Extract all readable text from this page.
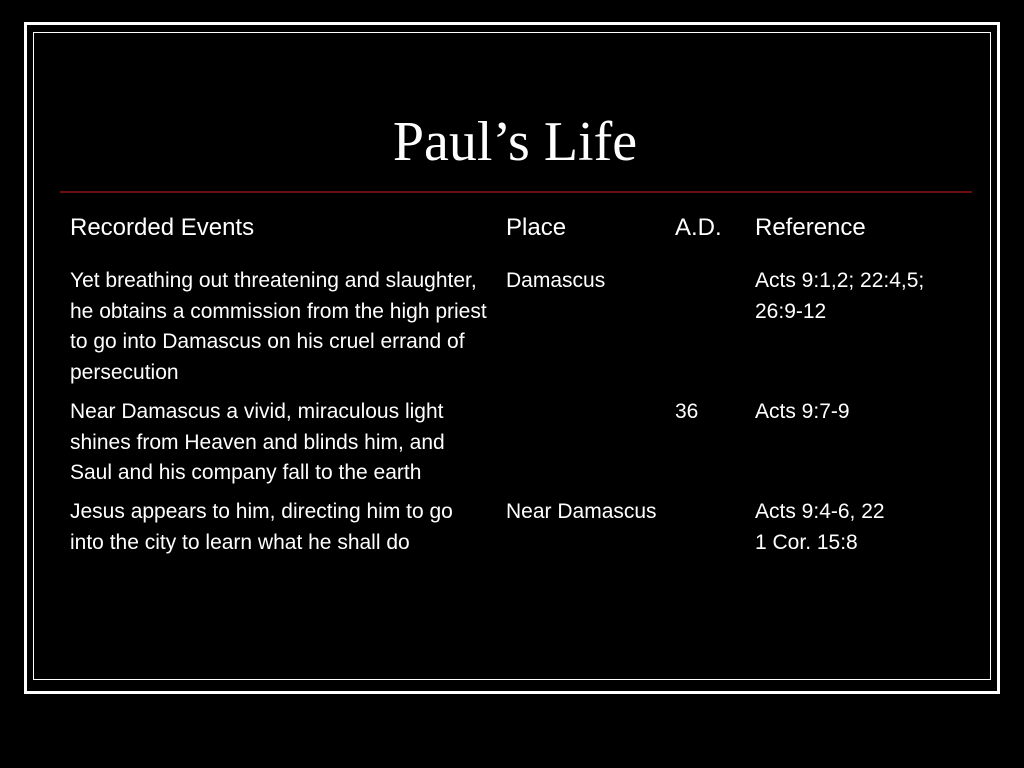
Paul’s Life
Recorded Events	Place	A.D.	Reference
Yet breathing out threatening and slaughter, he obtains a commission from the high priest to go into Damascus on his cruel errand of persecution	Damascus		Acts 9:1,2; 22:4,5;
26:9-12

Near Damascus a vivid, miraculous light shines from Heaven and blinds him, and Saul and his company fall to the earth		36	Acts 9:7-9

Jesus appears to him, directing him to go into the city to learn what he shall do	Near Damascus		Acts 9:4-6, 22
1 Cor. 15:8
